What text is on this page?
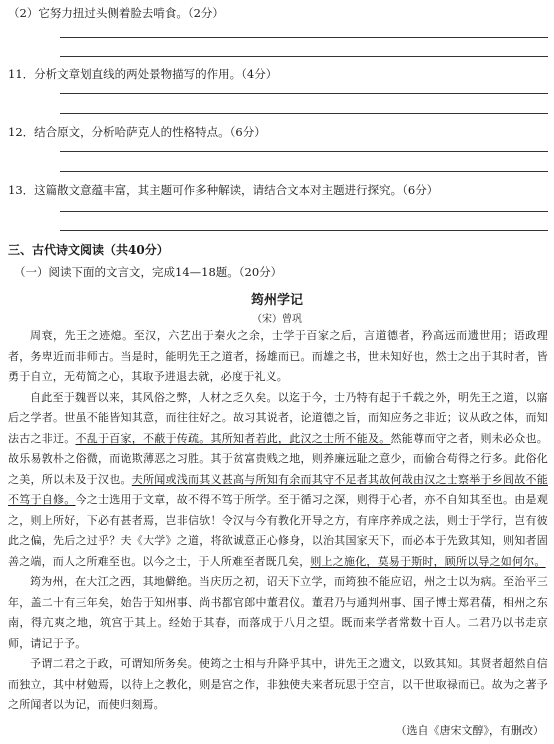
（2）它努力扭过头侧着脸去啃食。（2分）
11．分析文章划直线的两处景物描写的作用。（4分）
12．结合原文，分析哈萨克人的性格特点。（6分）
13．这篇散文意蕴丰富，其主题可作多种解读，请结合文本对主题进行探究。（6分）
三、古代诗文阅读（共40分）
（一）阅读下面的文言文，完成14—18题。（20分）
筠州学记
（宋）曾巩

周衰，先王之迹熄。至汉，六艺出于秦火之余，士学于百家之后，言道德者，矜高远而遗世用；语政理者，务卑近而非师古。当是时，能明先王之道者，扬雄而已。而雄之书，世未知好也，然士之出于其时者，皆勇于自立，无苟简之心，其取予进退去就，必度于礼义。

自此至于魏晋以来，其风俗之弊，人材之乏久矣。以迄于今，士乃特有起于千载之外，明先王之道，以寤后之学者。世虽不能皆知其意，而往往好之。故习其说者，论道德之旨，而知应务之非近；议从政之体，而知法古之非迂。不乱于百家，不蔽于传疏。其所知者若此，此汉之士所不能及。然能尊而守之者，则未必众也。故乐易敦朴之俗微，而诡欺薄恶之习胜。其于贫富贵贱之地，则养廉远耻之意少，而偷合苟得之行多。此俗化之美，所以未及于汉也。夫所闻或浅而其义甚高与所知有余而其守不足者其故何哉由汉之士察举于乡闾故不能不笃于自修。今之士选用于文章，故不得不笃于所学。至于循习之深，则得于心者，亦不自知其至也。由是观之，则上所好，下必有甚者焉，岂非信欤！令汉与今有教化开导之方，有庠序养成之法，则士于学行，岂有彼此之偏，先后之过乎？夫《大学》之道，将欲诚意正心修身，以治其国家天下，而必本于先致其知，则知者固善之端，而人之所难至也。以今之士，于人所难至者既几矣，则上之施化，莫易于斯时，顾所以导之如何尔。

筠为州，在大江之西，其地僻绝。当庆历之初，诏天下立学，而筠独不能应诏，州之士以为病。至治平三年，盖二十有三年矣，始告于知州事、尚书都官郎中董君仪。董君乃与通判州事、国子博士郑君蒨，相州之东南，得亢爽之地，筑宫于其上。经始于其春，而落成于八月之望。既而来学者常数十百人。二君乃以书走京师，请记于予。

予谓二君之于政，可谓知所务矣。使筠之士相与升降乎其中，讲先王之遗文，以致其知。其贤者超然自信而独立，其中材勉焉，以待上之教化，则是宫之作，非独使夫来者玩思于空言，以干世取禄而已。故为之著予之所闻者以为记，而使归刻焉。

（选自《唐宋文醇》，有删改）
